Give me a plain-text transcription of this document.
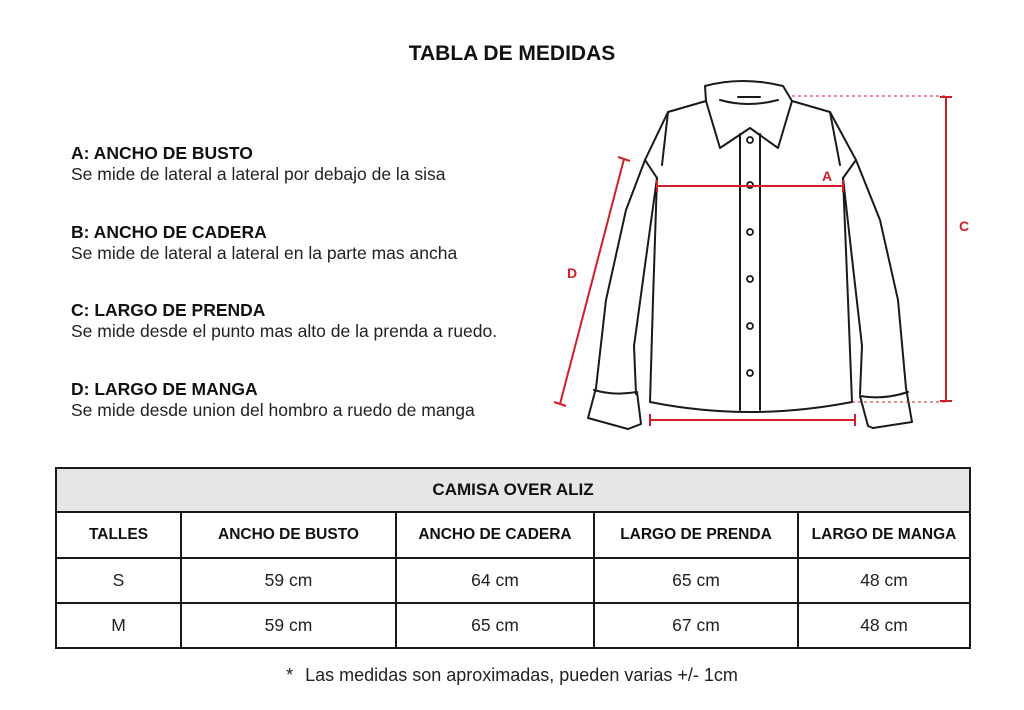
TABLA DE MEDIDAS
A: ANCHO DE BUSTO
Se mide de lateral a lateral por debajo de la sisa
B: ANCHO DE CADERA
Se mide de lateral a lateral en la parte mas ancha
C: LARGO DE PRENDA
Se mide desde el punto mas alto de la prenda a ruedo.
D: LARGO DE MANGA
Se mide desde union del hombro a ruedo de manga
A
C
D
CAMISA OVER ALIZ				
TALLES	ANCHO DE BUSTO	ANCHO DE CADERA	LARGO DE PRENDA	LARGO DE MANGA
S	59 cm	64 cm	65 cm	48 cm
M	59 cm	65 cm	67 cm	48 cm
* Las medidas son aproximadas, pueden varias +/- 1cm
